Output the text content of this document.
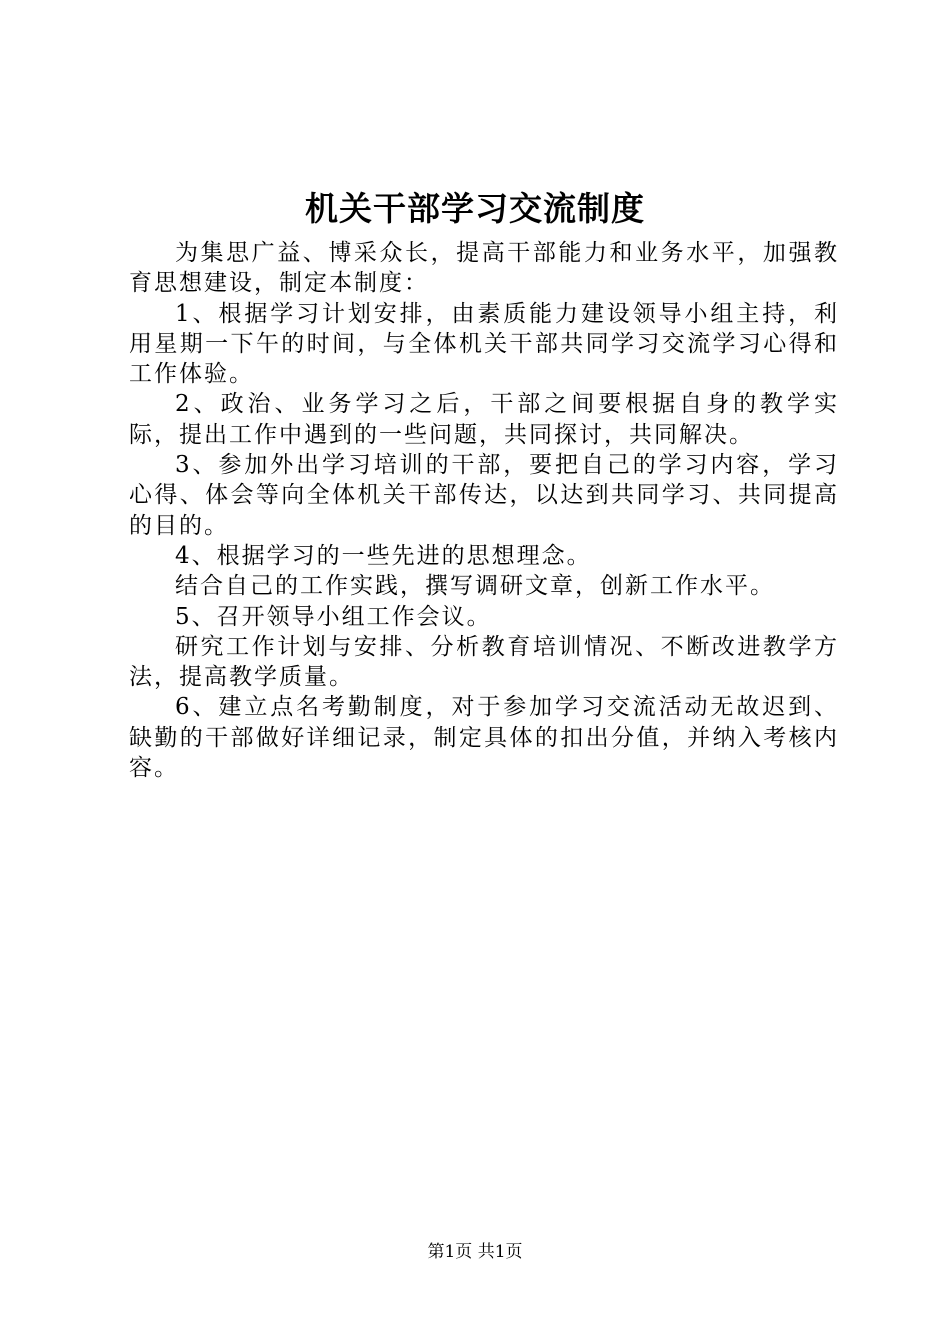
机关干部学习交流制度

为集思广益、博采众长，提高干部能力和业务水平，加强教育思想建设，制定本制度：

1、根据学习计划安排，由素质能力建设领导小组主持，利用星期一下午的时间，与全体机关干部共同学习交流学习心得和工作体验。

2、政治、业务学习之后，干部之间要根据自身的教学实际，提出工作中遇到的一些问题，共同探讨，共同解决。

3、参加外出学习培训的干部，要把自己的学习内容，学习心得、体会等向全体机关干部传达，以达到共同学习、共同提高的目的。

4、根据学习的一些先进的思想理念。

结合自己的工作实践，撰写调研文章，创新工作水平。

5、召开领导小组工作会议。

研究工作计划与安排、分析教育培训情况、不断改进教学方法，提高教学质量。

6、建立点名考勤制度，对于参加学习交流活动无故迟到、缺勤的干部做好详细记录，制定具体的扣出分值，并纳入考核内容。

第1页 共1页
